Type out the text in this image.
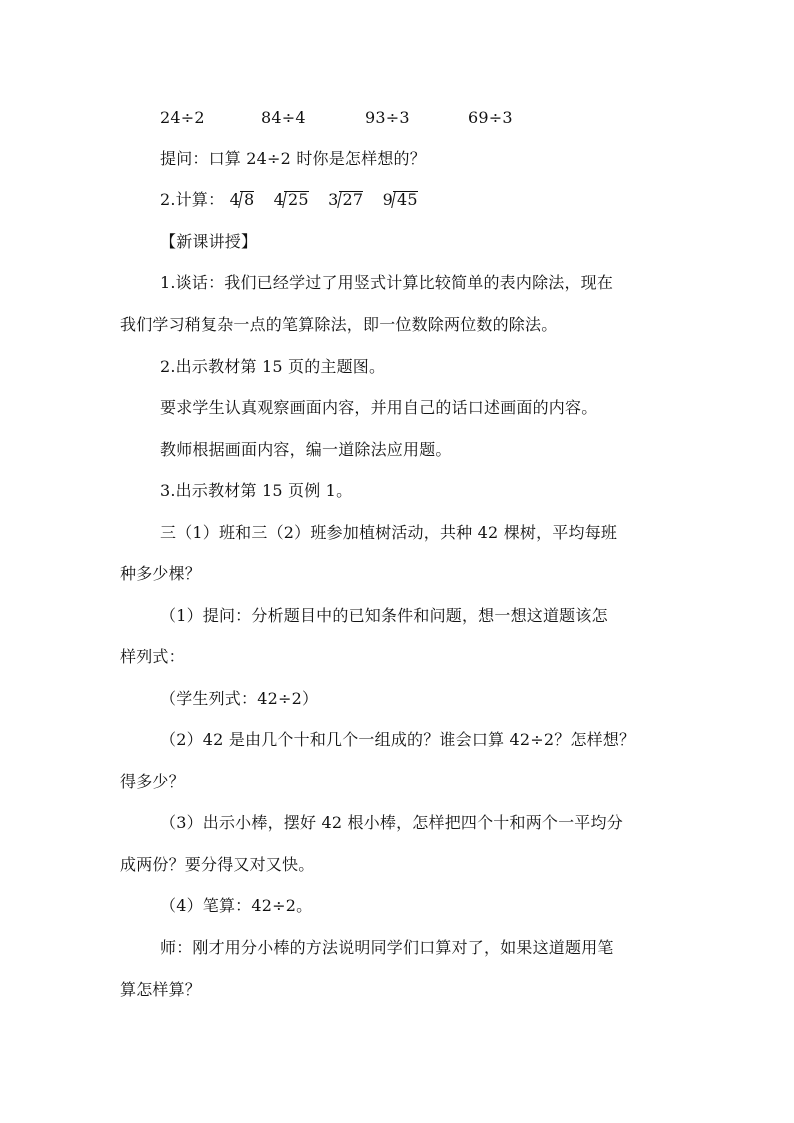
24÷2	84÷4	93÷3	69÷3
提问：口算 24÷2 时你是怎样想的？
2.计算： 4 8 4 25 3 27 9 45
【新课讲授】
1.谈话：我们已经学过了用竖式计算比较简单的表内除法，现在
我们学习稍复杂一点的笔算除法，即一位数除两位数的除法。
2.出示教材第 15 页的主题图。
要求学生认真观察画面内容，并用自己的话口述画面的内容。
教师根据画面内容，编一道除法应用题。
3.出示教材第 15 页例 1。
三（1）班和三（2）班参加植树活动，共种 42 棵树，平均每班
种多少棵？
（1）提问：分析题目中的已知条件和问题，想一想这道题该怎
样列式：
（学生列式：42÷2）
（2）42 是由几个十和几个一组成的？谁会口算 42÷2？怎样想？
得多少？
（3）出示小棒，摆好 42 根小棒，怎样把四个十和两个一平均分
成两份？要分得又对又快。
（4）笔算：42÷2。
师：刚才用分小棒的方法说明同学们口算对了，如果这道题用笔
算怎样算？
